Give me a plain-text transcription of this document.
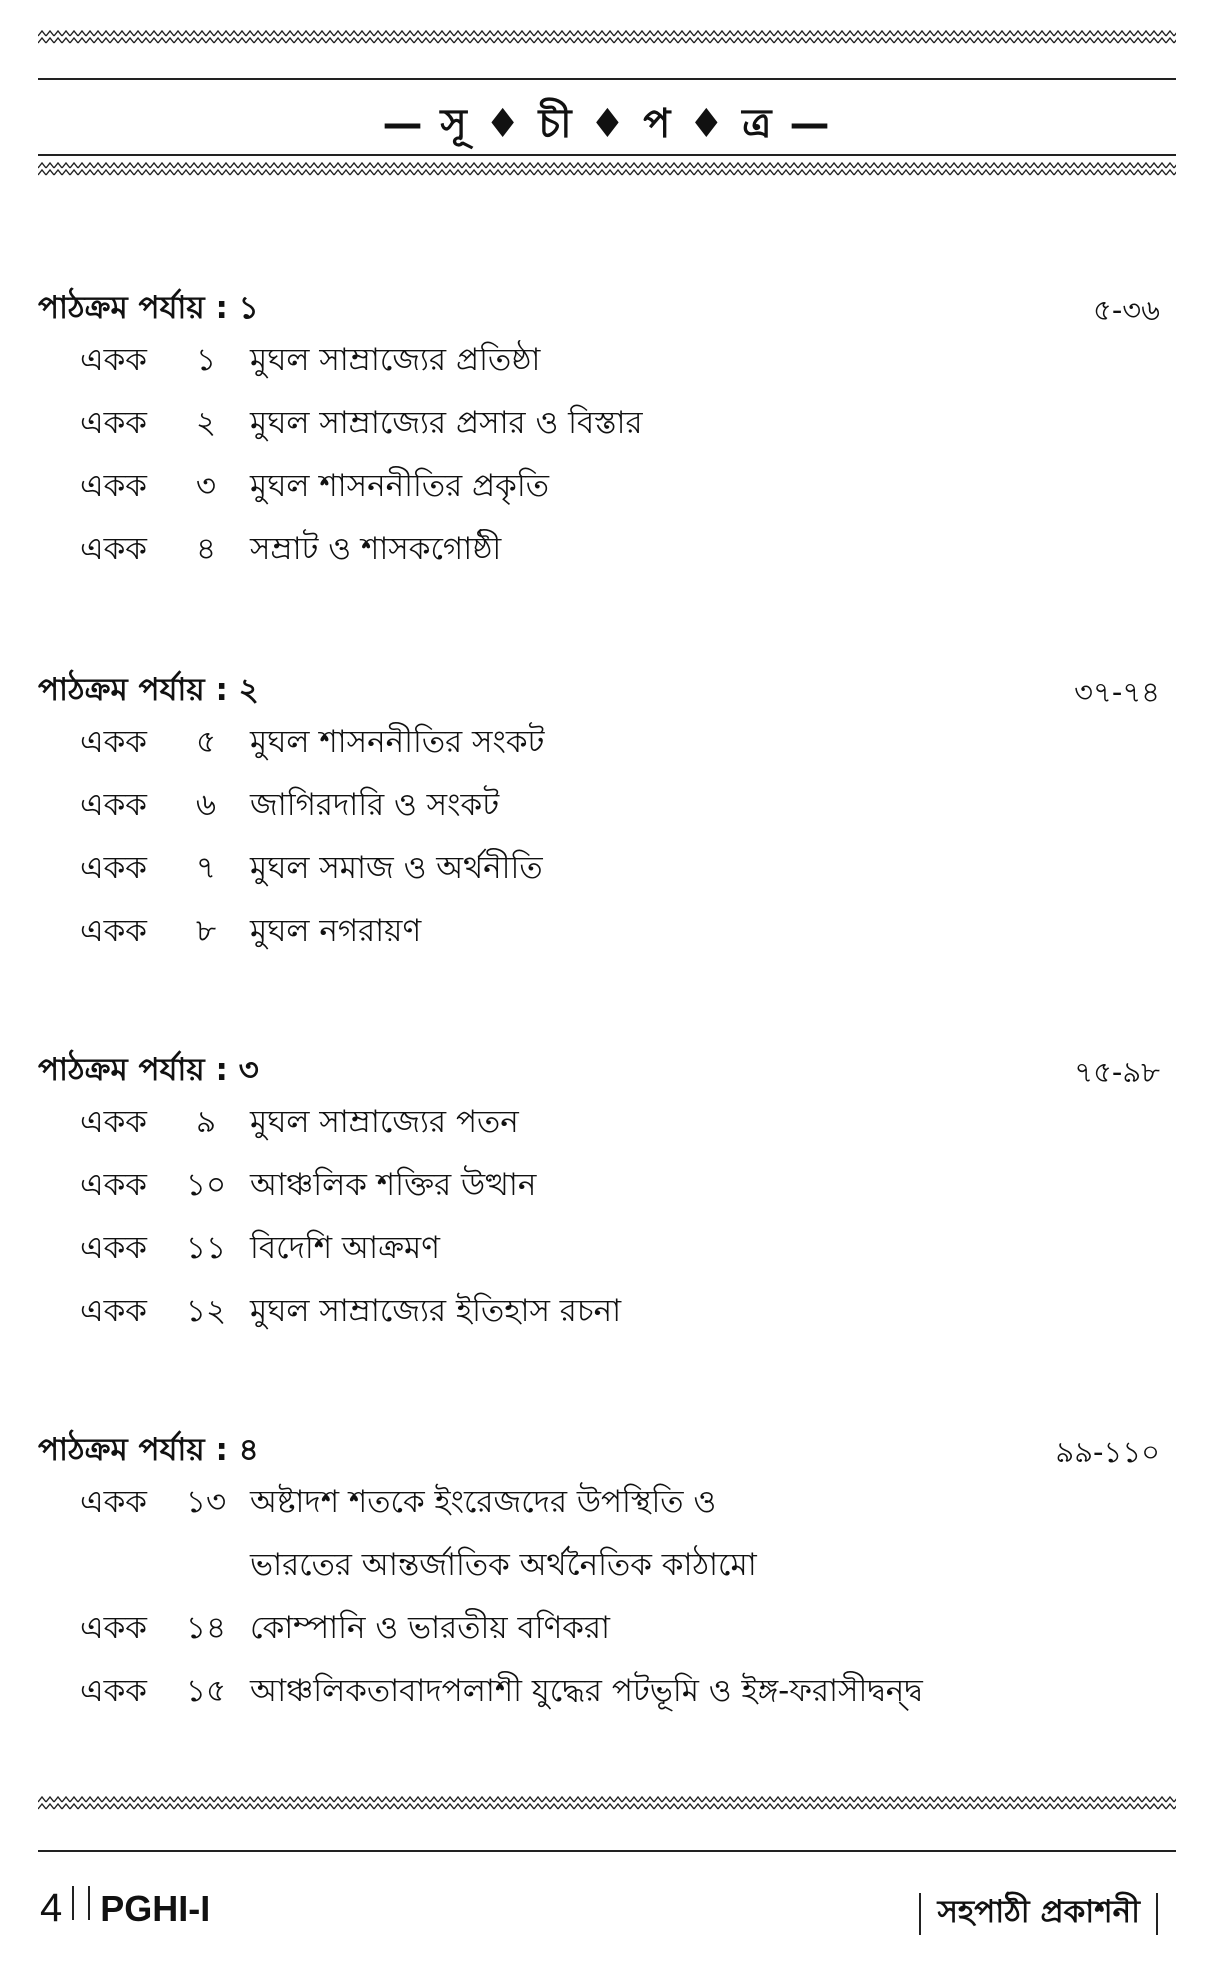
— সূ ♦ চী ♦ প ♦ ত্র —
পাঠক্রম পর্যায় : ১	৫-৩৬
একক	১	মুঘল সাম্রাজ্যের প্রতিষ্ঠা
একক	২	মুঘল সাম্রাজ্যের প্রসার ও বিস্তার
একক	৩	মুঘল শাসননীতির প্রকৃতি
একক	৪	সম্রাট ও শাসকগোষ্ঠী
পাঠক্রম পর্যায় : ২	৩৭-৭৪
একক	৫	মুঘল শাসননীতির সংকট
একক	৬	জাগিরদারি ও সংকট
একক	৭	মুঘল সমাজ ও অর্থনীতি
একক	৮	মুঘল নগরায়ণ
পাঠক্রম পর্যায় : ৩	৭৫-৯৮
একক	৯	মুঘল সাম্রাজ্যের পতন
একক	১০ আঞ্চলিক শক্তির উত্থান
একক	১১ বিদেশি আক্রমণ
একক	১২ মুঘল সাম্রাজ্যের ইতিহাস রচনা
পাঠক্রম পর্যায় : ৪	৯৯-১১০
একক	১৩ অষ্টাদশ শতকে ইংরেজদের উপস্থিতি ও
ভারতের আন্তর্জাতিক অর্থনৈতিক কাঠামো
একক	১৪ কোম্পানি ও ভারতীয় বণিকরা
একক	১৫ আঞ্চলিকতাবাদপলাশী যুদ্ধের পটভূমি ও ইঙ্গ-ফরাসীদ্বন্দ্ব
4 PGHI-I	সহপাঠী প্রকাশনী
